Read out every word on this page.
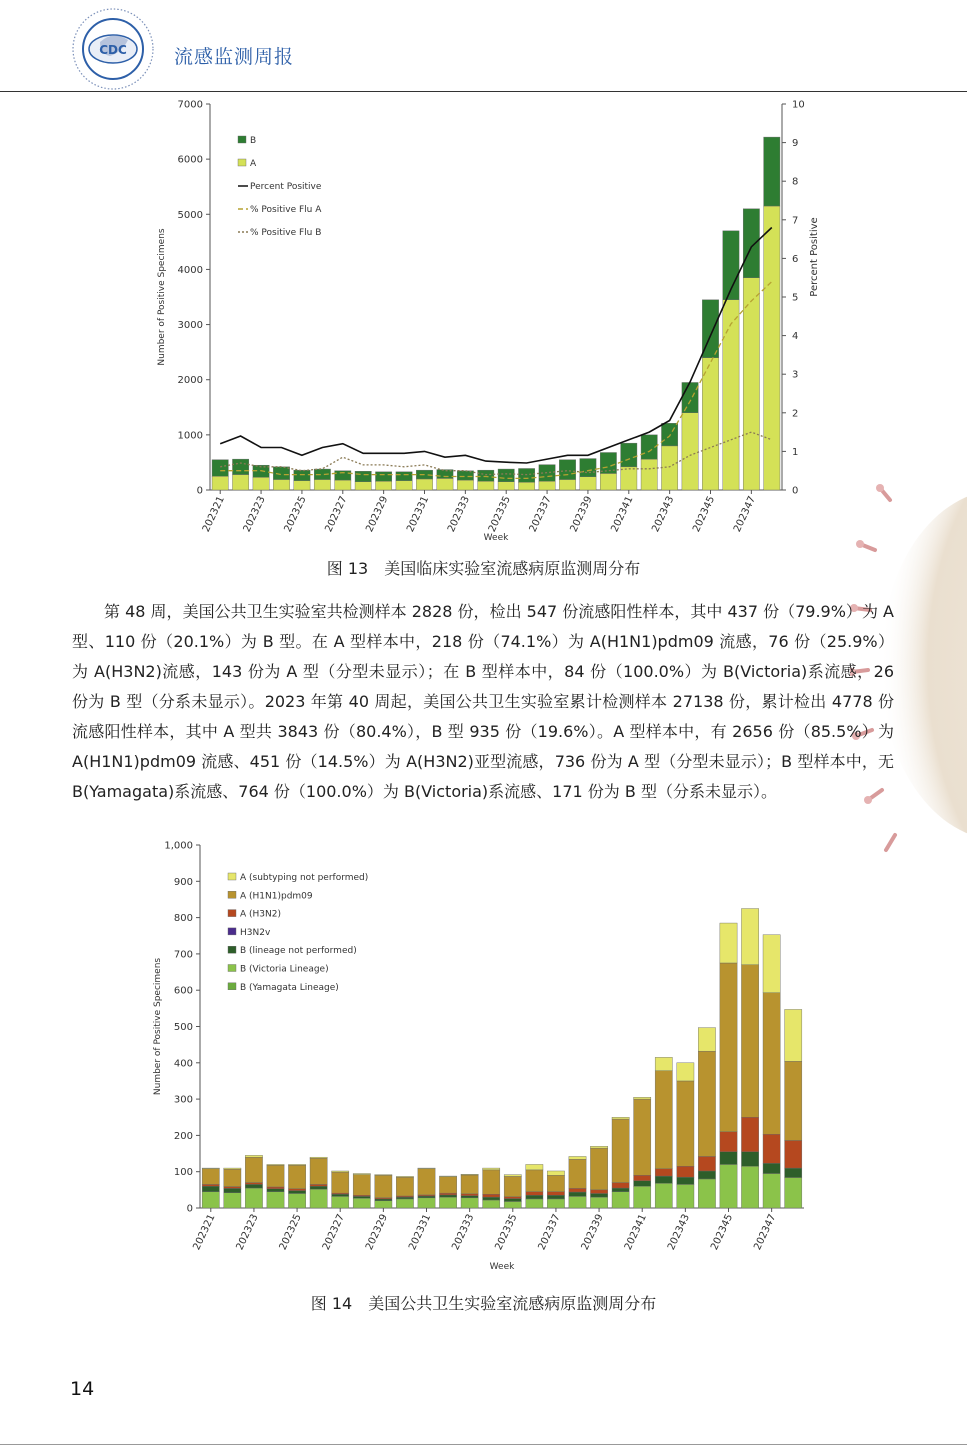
CDC 流感监测周报
0
1000
2000
3000
4000
5000
6000
7000
202321 202323 202325 202327 202329 202331 202333 202335 202337 202339 202341 202343 202345 202347
Week
Number of Positive Specimens
0
1
2
3
4
5
6
7
8
9
10
Percent Positive
B
A
Percent Positive
% Positive Flu A
% Positive Flu B
图 13　美国临床实验室流感病原监测周分布
第 48 周，美国公共卫生实验室共检测样本 2828 份，检出 547 份流感阳性样本，其中 437 份（79.9%）为 A 型、110 份（20.1%）为 B 型。在 A 型样本中，218 份（74.1%）为 A(H1N1)pdm09 流感，76 份（25.9%）为 A(H3N2)流感，143 份为 A 型（分型未显示）；在 B 型样本中，84 份（100.0%）为 B(Victoria)系流感，26 份为 B 型（分系未显示）。2023 年第 40 周起，美国公共卫生实验室累计检测样本 27138 份，累计检出 4778 份流感阳性样本，其中 A 型共 3843 份（80.4%），B 型 935 份（19.6%）。A 型样本中，有 2656 份（85.5%）为 A(H1N1)pdm09 流感、451 份（14.5%）为 A(H3N2)亚型流感，736 份为 A 型（分型未显示）；B 型样本中，无 B(Yamagata)系流感、764 份（100.0%）为 B(Victoria)系流感、171 份为 B 型（分系未显示）。
0
100
200
300
400
500
600
700
800
900
1,000
202321 202323 202325 202327 202329 202331 202333 202335 202337 202339 202341 202343 202345 202347
Week
Number of Positive Specimens
A (subtyping not performed)
A (H1N1)pdm09
A (H3N2)
H3N2v
B (lineage not performed)
B (Victoria Lineage)
B (Yamagata Lineage)
图 14　美国公共卫生实验室流感病原监测周分布
14
